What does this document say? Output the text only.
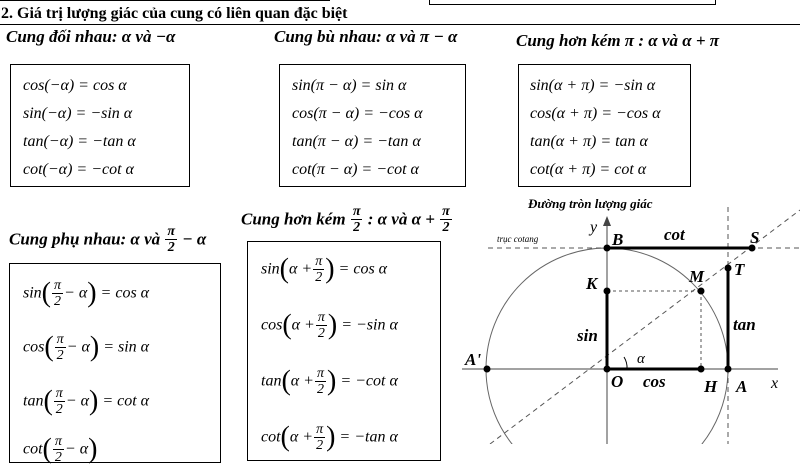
2. Giá trị lượng giác của cung có liên quan đặc biệt
Cung đối nhau: α và −α	Cung bù nhau: α và π − α	Cung hơn kém π : α và α + π
cos(−α) = cos α
sin(−α) = −sin α
tan(−α) = −tan α
cot(−α) = −cot α
sin(π − α) = sin α
cos(π − α) = −cos α
tan(π − α) = −tan α
cot(π − α) = −cot α
sin(α + π) = −sin α
cos(α + π) = −cos α
tan(α + π) = tan α
cot(α + π) = cot α
Cung phụ nhau: α và $\frac{\pi}{2} - \alpha$
Cung hơn kém $\frac{\pi}{2}$ : α và $\alpha + \frac{\pi}{2}$
$\sin( \frac{\pi}{2} - \alpha) = \cos \alpha$
$\cos( \frac{\pi}{2} - \alpha) = \sin \alpha$
$\tan( \frac{\pi}{2} - \alpha) = \cot \alpha$
$\cot( \frac{\pi}{2} - \alpha)$
$\sin(\alpha + \frac{\pi}{2}$ ) = cos α
$\cos(\alpha + \frac{\pi}{2}$ ) = −sin α
$\tan(\alpha + \frac{\pi}{2}$ ) = −cot α
$\cot(\alpha + \frac{\pi}{2}$ ) = −tan α
Đường tròn lượng giác
y
x
B	S
T
M
K
A'
A
O	H
α
cot
tan
sin
cos
trục cotang
